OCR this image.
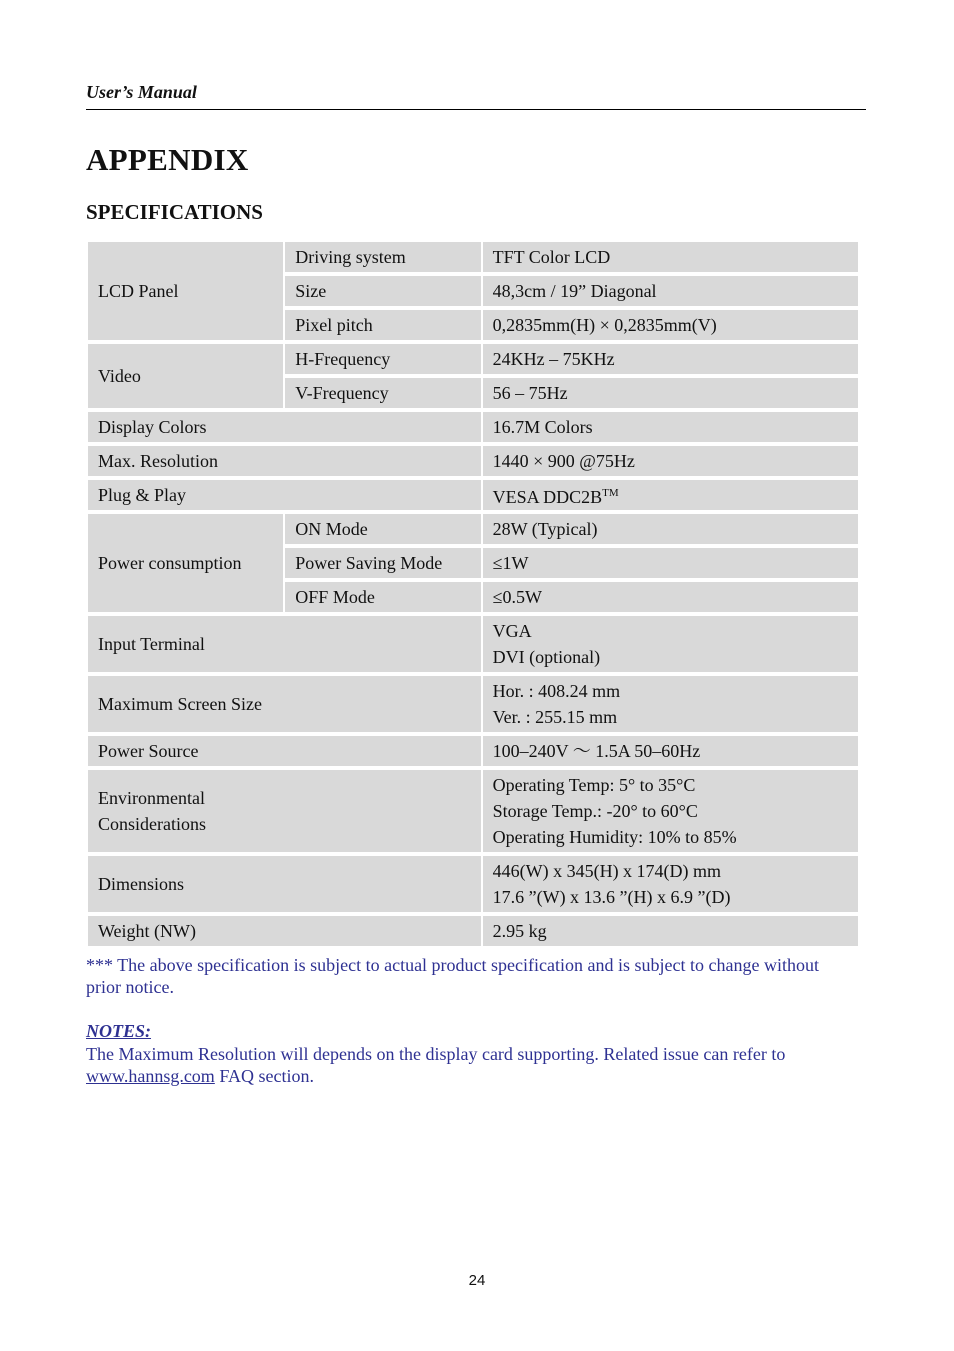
User’s Manual
APPENDIX
SPECIFICATIONS
LCD Panel	Driving system	TFT Color LCD
	Size	48,3cm / 19” Diagonal
	Pixel pitch	0,2835mm(H) × 0,2835mm(V)
Video	H-Frequency	24KHz – 75KHz
	V-Frequency	56 – 75Hz
Display Colors		16.7M Colors
Max. Resolution		1440 × 900 @75Hz
Plug & Play		VESA DDC2B™
Power consumption	ON Mode	28W (Typical)
	Power Saving Mode	≤1W
	OFF Mode	≤0.5W
Input Terminal		VGA
DVI (optional)

Maximum Screen Size		Hor. : 408.24 mm
Ver. : 255.15 mm

Power Source		100–240V ～ 1.5A 50–60Hz

Environmental
Considerations		Operating Temp: 5° to 35°C
Storage Temp.: -20° to 60°C
Operating Humidity: 10% to 85%

Dimensions		446(W) x 345(H) x 174(D) mm
17.6 ”(W) x 13.6 ”(H) x 6.9 ”(D)

Weight (NW)		2.95 kg
*** The above specification is subject to actual product specification and is subject to change without prior notice.
NOTES:
The Maximum Resolution will depends on the display card supporting. Related issue can refer to www.hannsg.com FAQ section.
24
